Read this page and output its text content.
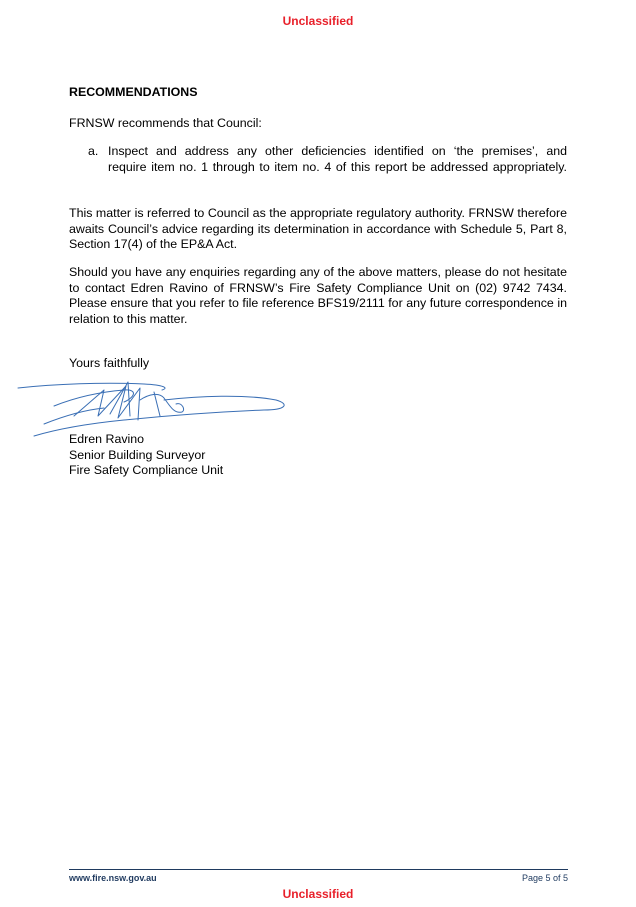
Unclassified
RECOMMENDATIONS
FRNSW recommends that Council:
a. Inspect and address any other deficiencies identified on ‘the premises’, and
require item no. 1 through to item no. 4 of this report be addressed appropriately.
This matter is referred to Council as the appropriate regulatory authority. FRNSW therefore awaits Council’s advice regarding its determination in accordance with Schedule 5, Part 8, Section 17(4) of the EP&A Act.
Should you have any enquiries regarding any of the above matters, please do not hesitate to contact Edren Ravino of FRNSW’s Fire Safety Compliance Unit on (02) 9742 7434. Please ensure that you refer to file reference BFS19/2111 for any future correspondence in relation to this matter.
Yours faithfully
Edren Ravino
Senior Building Surveyor
Fire Safety Compliance Unit
www.fire.nsw.gov.au	Page 5 of 5
Unclassified
